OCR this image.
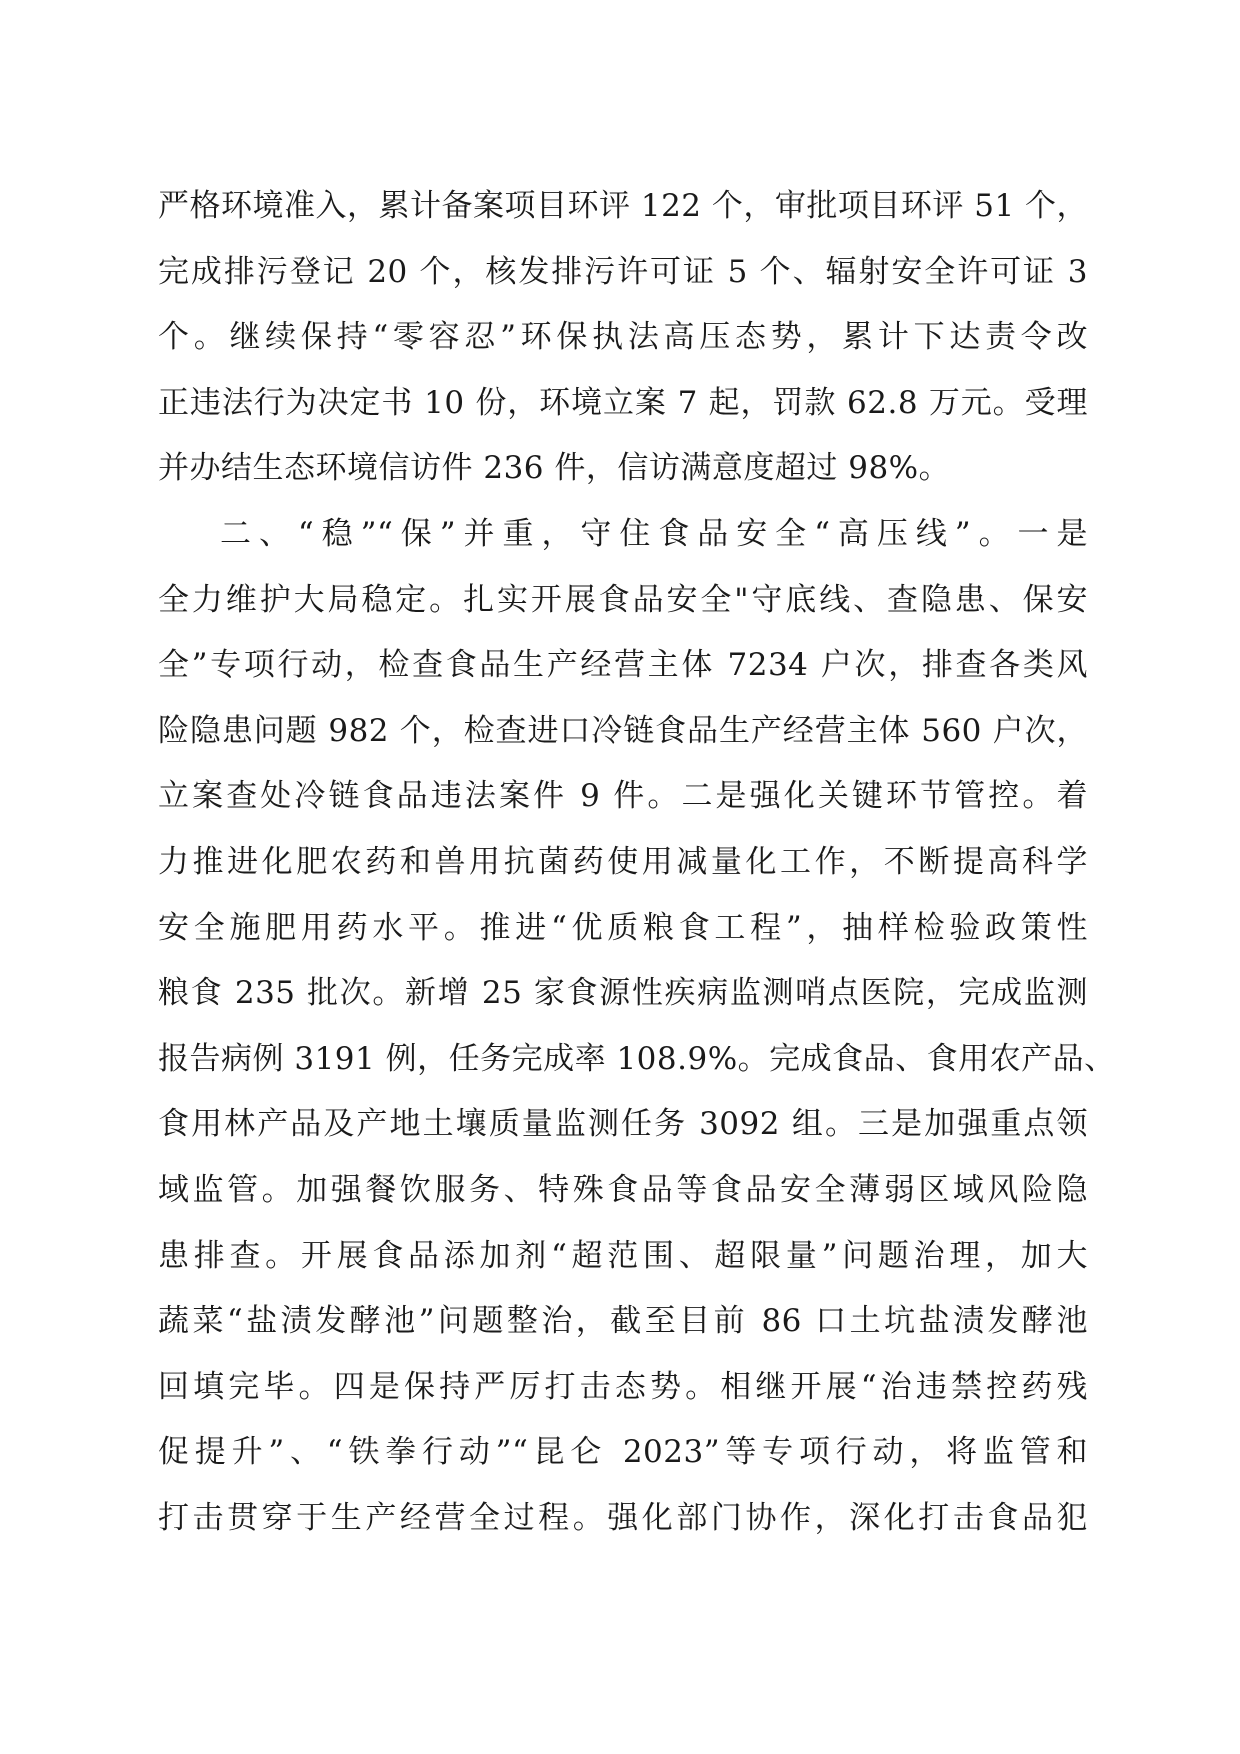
严格环境准入，累计备案项目环评 122 个，审批项目环评 51 个，
完成排污登记 20 个，核发排污许可证 5 个、辐射安全许可证 3
个。继续保持“零容忍”环保执法高压态势，累计下达责令改
正违法行为决定书 10 份，环境立案 7 起，罚款 62.8 万元。受理
并办结生态环境信访件 236 件，信访满意度超过 98%。
二、“稳”“保”并重，守住食品安全“高压线”。一是
全力维护大局稳定。扎实开展食品安全"守底线、查隐患、保安
全”专项行动，检查食品生产经营主体 7234 户次，排查各类风
险隐患问题 982 个，检查进口冷链食品生产经营主体 560 户次，
立案查处冷链食品违法案件 9 件。二是强化关键环节管控。着
力推进化肥农药和兽用抗菌药使用减量化工作，不断提高科学
安全施肥用药水平。推进“优质粮食工程”，抽样检验政策性
粮食 235 批次。新增 25 家食源性疾病监测哨点医院，完成监测
报告病例 3191 例，任务完成率 108.9%。完成食品、食用农产品、
食用林产品及产地土壤质量监测任务 3092 组。三是加强重点领
域监管。加强餐饮服务、特殊食品等食品安全薄弱区域风险隐
患排查。开展食品添加剂“超范围、超限量”问题治理，加大
蔬菜“盐渍发酵池”问题整治，截至目前 86 口土坑盐渍发酵池
回填完毕。四是保持严厉打击态势。相继开展“治违禁控药残
促提升”、“铁拳行动”“昆仑 2023”等专项行动，将监管和
打击贯穿于生产经营全过程。强化部门协作，深化打击食品犯
